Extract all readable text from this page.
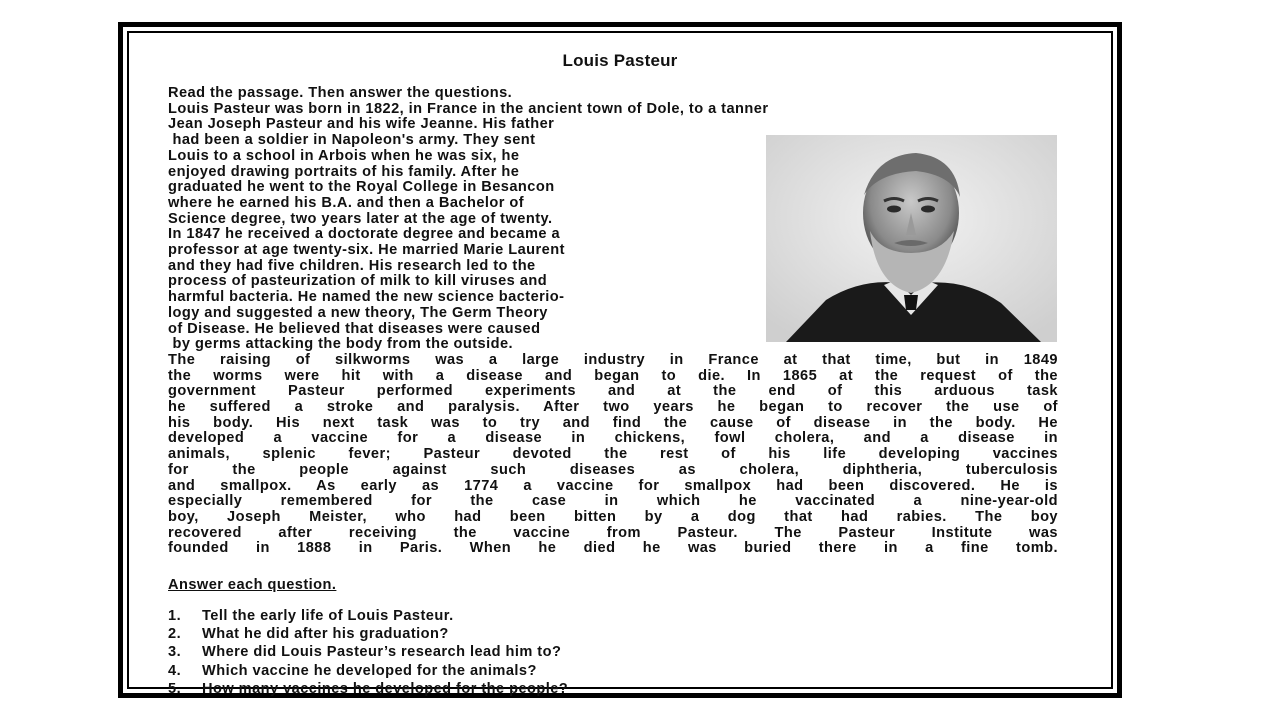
Louis Pasteur
Read the passage. Then answer the questions.
Louis Pasteur was born in 1822, in France in the ancient town of Dole, to a tanner
Jean Joseph Pasteur and his wife Jeanne. His father
had been a soldier in Napoleon's army. They sent
Louis to a school in Arbois when he was six, he
enjoyed drawing portraits of his family. After he
graduated he went to the Royal College in Besancon
where he earned his B.A. and then a Bachelor of
Science degree, two years later at the age of twenty.
In 1847 he received a doctorate degree and became a
professor at age twenty-six. He married Marie Laurent
and they had five children. His research led to the
process of pasteurization of milk to kill viruses and
harmful bacteria. He named the new science bacterio-
logy and suggested a new theory, The Germ Theory
of Disease. He believed that diseases were caused
by germs attacking the body from the outside.
The raising of silkworms was a large industry in France at that time, but in 1849
the worms were hit with a disease and began to die. In 1865 at the request of the
government Pasteur performed experiments and at the end of this arduous task
he suffered a stroke and paralysis. After two years he began to recover the use of
his body. His next task was to try and find the cause of disease in the body. He
developed a vaccine for a disease in chickens, fowl cholera, and a disease in
animals, splenic fever; Pasteur devoted the rest of his life developing vaccines
for the people against such diseases as cholera, diphtheria, tuberculosis
and smallpox. As early as 1774 a vaccine for smallpox had been discovered. He is
especially remembered for the case in which he vaccinated a nine-year-old
boy, Joseph Meister, who had been bitten by a dog that had rabies. The boy
recovered after receiving the vaccine from Pasteur. The Pasteur Institute was
founded in 1888 in Paris. When he died he was buried there in a fine tomb.
Answer each question.
1.	Tell the early life of Louis Pasteur.
2.	What he did after his graduation?
3.	Where did Louis Pasteur’s research lead him to?
4.	Which vaccine he developed for the animals?
5.	How many vaccines he developed for the people?
